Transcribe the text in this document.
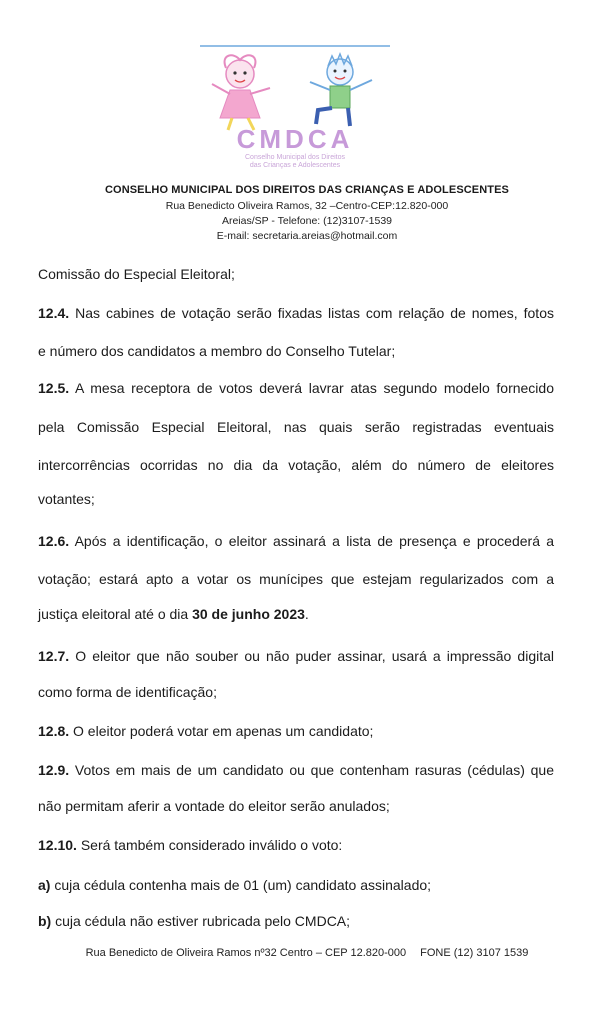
CMDCA
Conselho Municipal dos Direitos
das Crianças e Adolescentes
CONSELHO MUNICIPAL DOS DIREITOS DAS CRIANÇAS E ADOLESCENTES
Rua Benedicto Oliveira Ramos, 32 –Centro-CEP:12.820-000
Areias/SP - Telefone: (12)3107-1539
E-mail: secretaria.areias@hotmail.com
Comissão do Especial Eleitoral;
12.4. Nas cabines de votação serão fixadas listas com relação de nomes, fotos
e número dos candidatos a membro do Conselho Tutelar;
12.5. A mesa receptora de votos deverá lavrar atas segundo modelo fornecido
pela Comissão Especial Eleitoral, nas quais serão registradas eventuais
intercorrências ocorridas no dia da votação, além do número de eleitores
votantes;
12.6. Após a identificação, o eleitor assinará a lista de presença e procederá a
votação; estará apto a votar os munícipes que estejam regularizados com a
justiça eleitoral até o dia 30 de junho 2023.
12.7. O eleitor que não souber ou não puder assinar, usará a impressão digital
como forma de identificação;
12.8. O eleitor poderá votar em apenas um candidato;
12.9. Votos em mais de um candidato ou que contenham rasuras (cédulas) que
não permitam aferir a vontade do eleitor serão anulados;
12.10. Será também considerado inválido o voto:
a) cuja cédula contenha mais de 01 (um) candidato assinalado;
b) cuja cédula não estiver rubricada pelo CMDCA;
Rua Benedicto de Oliveira Ramos nº32 Centro – CEP 12.820-000 FONE (12) 3107 1539
